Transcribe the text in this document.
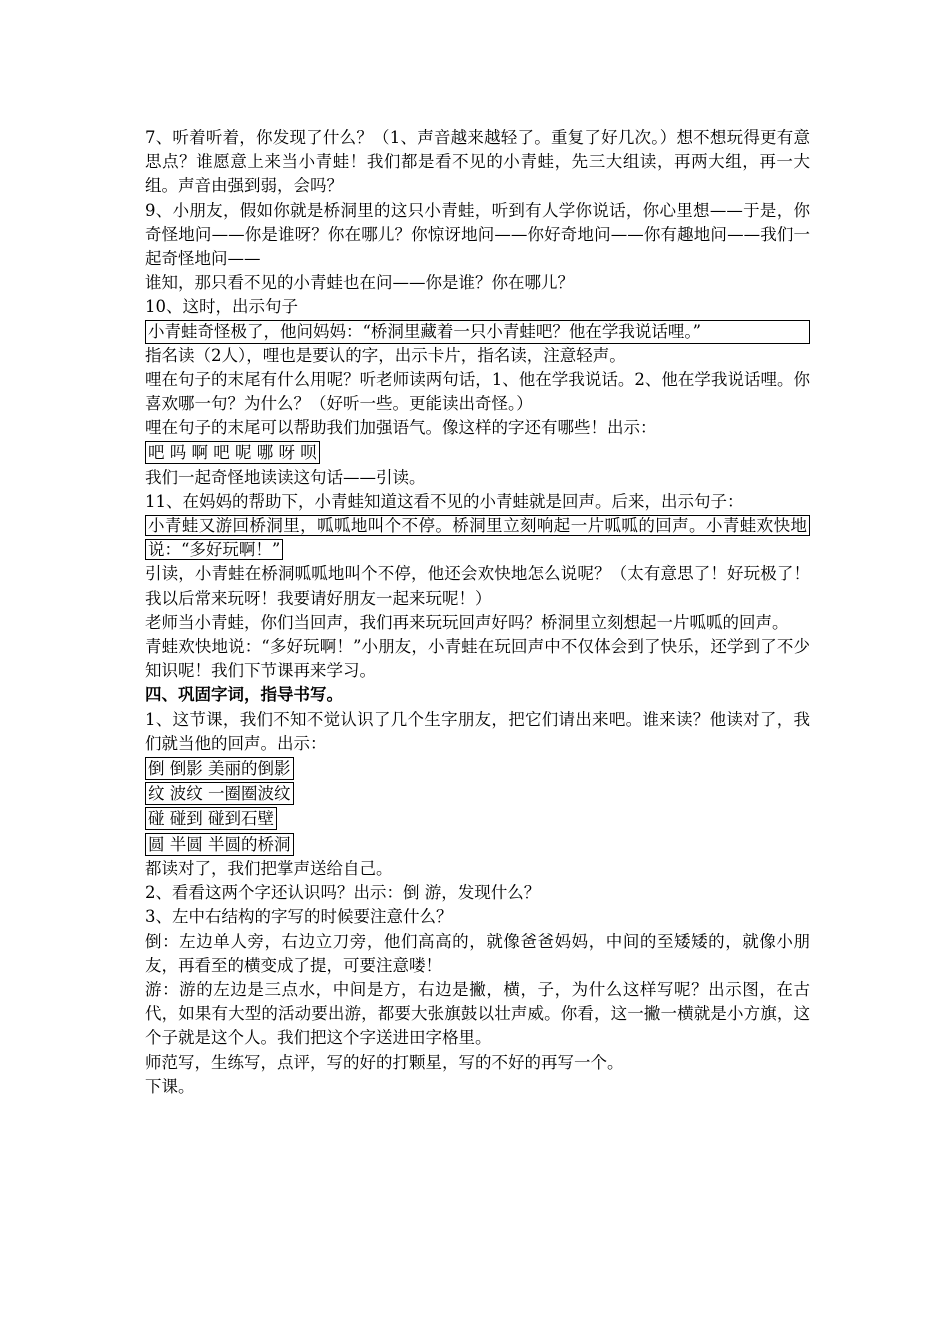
7、听着听着，你发现了什么？（1、声音越来越轻了。重复了好几次。）想不想玩得更有意思点？谁愿意上来当小青蛙！我们都是看不见的小青蛙，先三大组读，再两大组，再一大组。声音由强到弱，会吗？

9、小朋友，假如你就是桥洞里的这只小青蛙，听到有人学你说话，你心里想——于是，你奇怪地问——你是谁呀？你在哪儿？你惊讶地问——你好奇地问——你有趣地问——我们一起奇怪地问——

谁知，那只看不见的小青蛙也在问——你是谁？你在哪儿？

10、这时，出示句子

小青蛙奇怪极了，他问妈妈：“桥洞里藏着一只小青蛙吧？他在学我说话哩。”

指名读（2人），哩也是要认的字，出示卡片，指名读，注意轻声。

哩在句子的末尾有什么用呢？听老师读两句话，1、他在学我说话。2、他在学我说话哩。你喜欢哪一句？为什么？（好听一些。更能读出奇怪。）

哩在句子的末尾可以帮助我们加强语气。像这样的字还有哪些！出示：

吧 吗 啊 吧 呢 哪 呀 呗

我们一起奇怪地读读这句话——引读。

11、在妈妈的帮助下，小青蛙知道这看不见的小青蛙就是回声。后来，出示句子：

小青蛙又游回桥洞里，呱呱地叫个不停。桥洞里立刻响起一片呱呱的回声。小青蛙欢快地说：“多好玩啊！”

引读，小青蛙在桥洞呱呱地叫个不停，他还会欢快地怎么说呢？（太有意思了！好玩极了！我以后常来玩呀！我要请好朋友一起来玩呢！）

老师当小青蛙，你们当回声，我们再来玩玩回声好吗？桥洞里立刻想起一片呱呱的回声。

青蛙欢快地说：“多好玩啊！”小朋友，小青蛙在玩回声中不仅体会到了快乐，还学到了不少知识呢！我们下节课再来学习。

四、巩固字词，指导书写。

1、这节课，我们不知不觉认识了几个生字朋友，把它们请出来吧。谁来读？他读对了，我们就当他的回声。出示：

倒 倒影 美丽的倒影

纹 波纹 一圈圈波纹

碰 碰到 碰到石壁

圆 半圆 半圆的桥洞

都读对了，我们把掌声送给自己。

2、看看这两个字还认识吗？出示：倒 游，发现什么？

3、左中右结构的字写的时候要注意什么？

倒：左边单人旁，右边立刀旁，他们高高的，就像爸爸妈妈，中间的至矮矮的，就像小朋友，再看至的横变成了提，可要注意喽！

游：游的左边是三点水，中间是方，右边是撇，横，子，为什么这样写呢？出示图，在古代，如果有大型的活动要出游，都要大张旗鼓以壮声威。你看，这一撇一横就是小方旗，这个子就是这个人。我们把这个字送进田字格里。

师范写，生练写，点评，写的好的打颗星，写的不好的再写一个。

下课。
